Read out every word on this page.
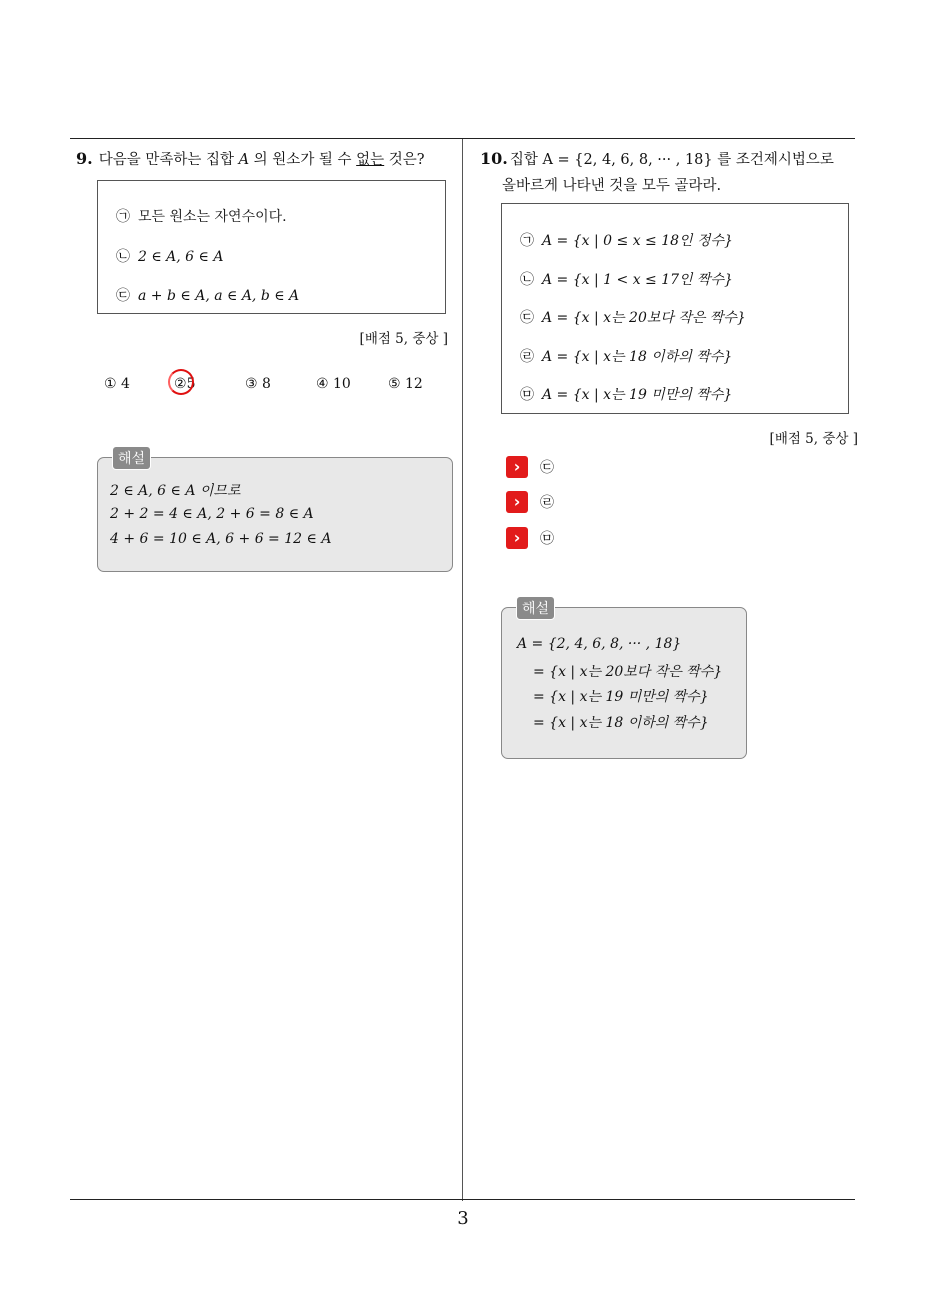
3
9. 다음을 만족하는 집합 A 의 원소가 될 수 없는 것은?
㉠ 모든 원소는 자연수이다.
㉡ 2 ∈ A, 6 ∈ A
㉢ a + b ∈ A, a ∈ A, b ∈ A
[배점 5, 중상 ]
① 4	②5	③ 8	④ 10	⑤ 12
2 ∈ A, 6 ∈ A 이므로
2 + 2 = 4 ∈ A, 2 + 6 = 8 ∈ A
4 + 6 = 10 ∈ A, 6 + 6 = 12 ∈ A
해설
10. 집합 A = {2, 4, 6, 8, ··· , 18} 를 조건제시법으로
올바르게 나타낸 것을 모두 골라라.
㉠ A = {x | 0 ≤ x ≤ 18인 정수}
㉡ A = {x | 1 < x ≤ 17인 짝수}
㉢ A = {x | x는 20보다 작은 짝수}
㉣ A = {x | x는 18 이하의 짝수}
㉤ A = {x | x는 19 미만의 짝수}
[배점 5, 중상 ]
›	㉢
›	㉣
›	㉤
A = {2, 4, 6, 8, ··· , 18}
= {x | x는 20보다 작은 짝수}
= {x | x는 19 미만의 짝수}
= {x | x는 18 이하의 짝수}
해설
